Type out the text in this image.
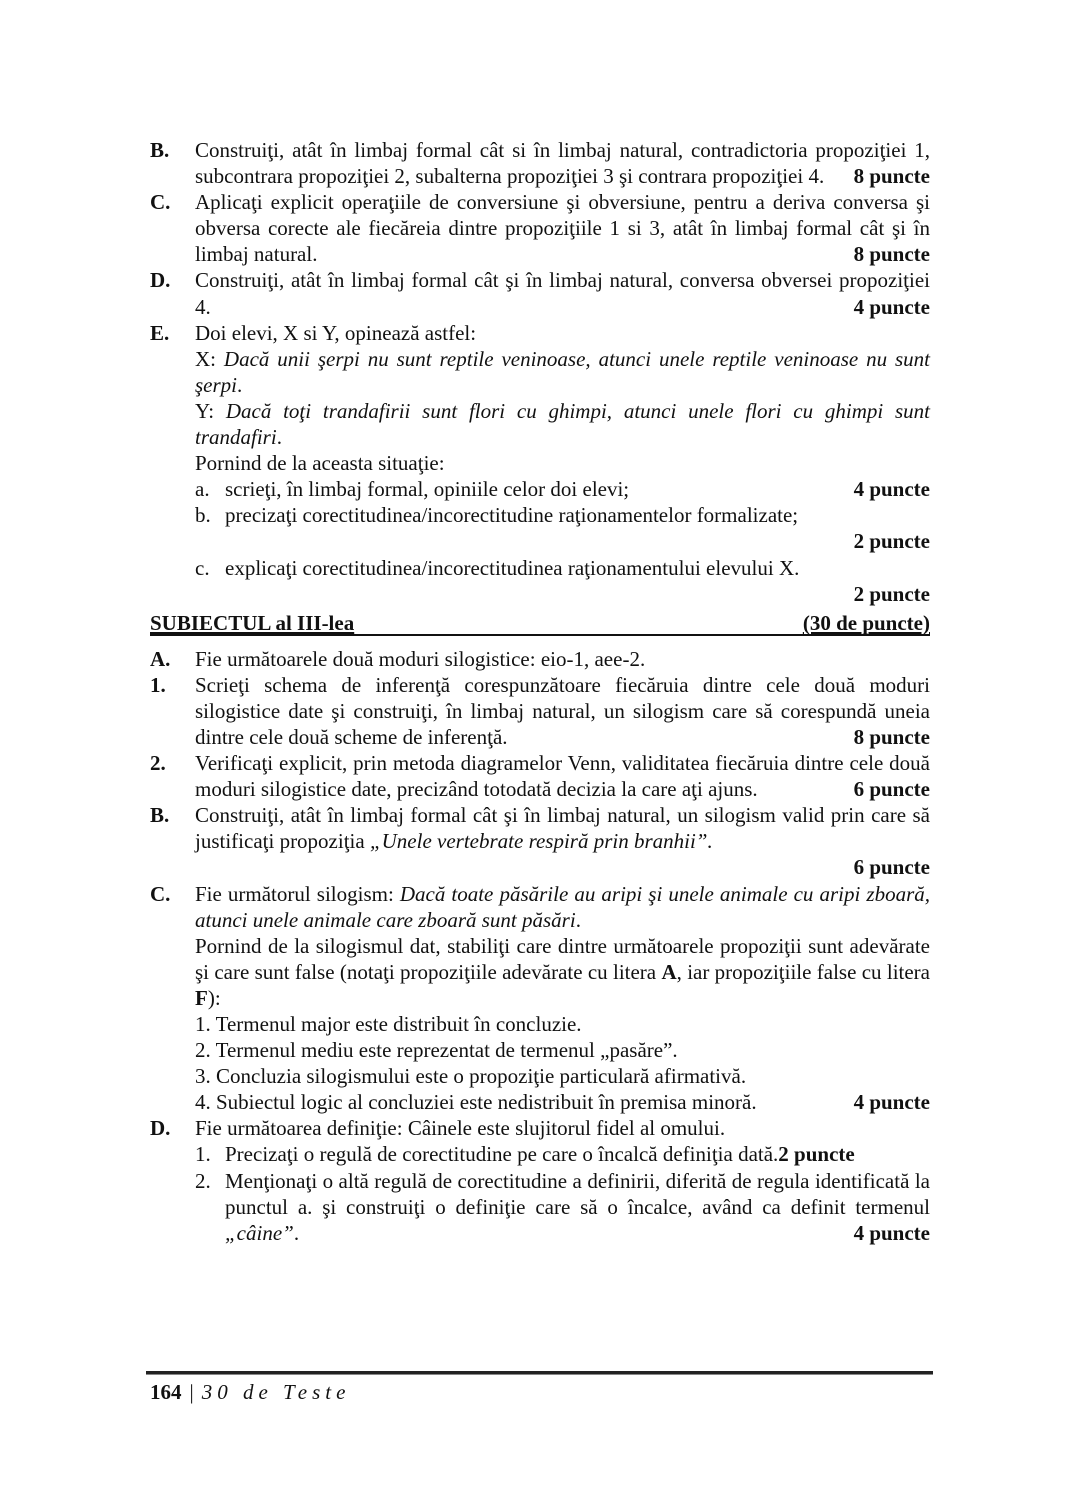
B. Construiţi, atât în limbaj formal cât si în limbaj natural, contradictoria propoziţiei 1, subcontrara propoziţiei 2, subalterna propoziţiei 3 şi contrara propoziţiei 4. 8 puncte
C. Aplicaţi explicit operaţiile de conversiune şi obversiune, pentru a deriva conversa şi obversa corecte ale fiecăreia dintre propoziţiile 1 si 3, atât în limbaj formal cât şi în limbaj natural.	8 puncte
D. Construiţi, atât în limbaj formal cât şi în limbaj natural, conversa obversei propoziţiei 4.	4 puncte
E. Doi elevi, X si Y, opinează astfel:
X: Dacă unii şerpi nu sunt reptile veninoase, atunci unele reptile veninoase nu sunt şerpi.
Y: Dacă toţi trandafirii sunt flori cu ghimpi, atunci unele flori cu ghimpi sunt trandafiri.
Pornind de la aceasta situaţie:
a. scrieţi, în limbaj formal, opiniile celor doi elevi;	4 puncte
b. precizaţi corectitudinea/incorectitudine raţionamentelor formalizate;
2 puncte
c. explicaţi corectitudinea/incorectitudinea raţionamentului elevului X.
2 puncte
SUBIECTUL al III-lea	(30 de puncte)
A. Fie următoarele două moduri silogistice: eio-1, aee-2.
1. Scrieţi schema de inferenţă corespunzătoare fiecăruia dintre cele două moduri silogistice date şi construiţi, în limbaj natural, un silogism care să corespundă uneia dintre cele două scheme de inferenţă.	8 puncte
2. Verificaţi explicit, prin metoda diagramelor Venn, validitatea fiecăruia dintre cele două moduri silogistice date, precizând totodată decizia la care aţi ajuns.	6 puncte
B. Construiţi, atât în limbaj formal cât şi în limbaj natural, un silogism valid prin care să justificaţi propoziţia „Unele vertebrate respiră prin branhii”.
6 puncte
C. Fie următorul silogism: Dacă toate păsările au aripi şi unele animale cu aripi zboară, atunci unele animale care zboară sunt păsări.
Pornind de la silogismul dat, stabiliţi care dintre următoarele propoziţii sunt adevărate şi care sunt false (notaţi propoziţiile adevărate cu litera A, iar propoziţiile false cu litera F):
1. Termenul major este distribuit în concluzie.
2. Termenul mediu este reprezentat de termenul „pasăre”.
3. Concluzia silogismului este o propoziţie particulară afirmativă.
4. Subiectul logic al concluziei este nedistribuit în premisa minoră.	4 puncte
D. Fie următoarea definiţie: Câinele este slujitorul fidel al omului.
1. Precizaţi o regulă de corectitudine pe care o încalcă definiţia dată.2 puncte
2. Menţionaţi o altă regulă de corectitudine a definirii, diferită de regula identificată la punctul a. şi construiţi o definiţie care să o încalce, având ca definit termenul „câine”.	4 puncte
164 | 30 de Teste
